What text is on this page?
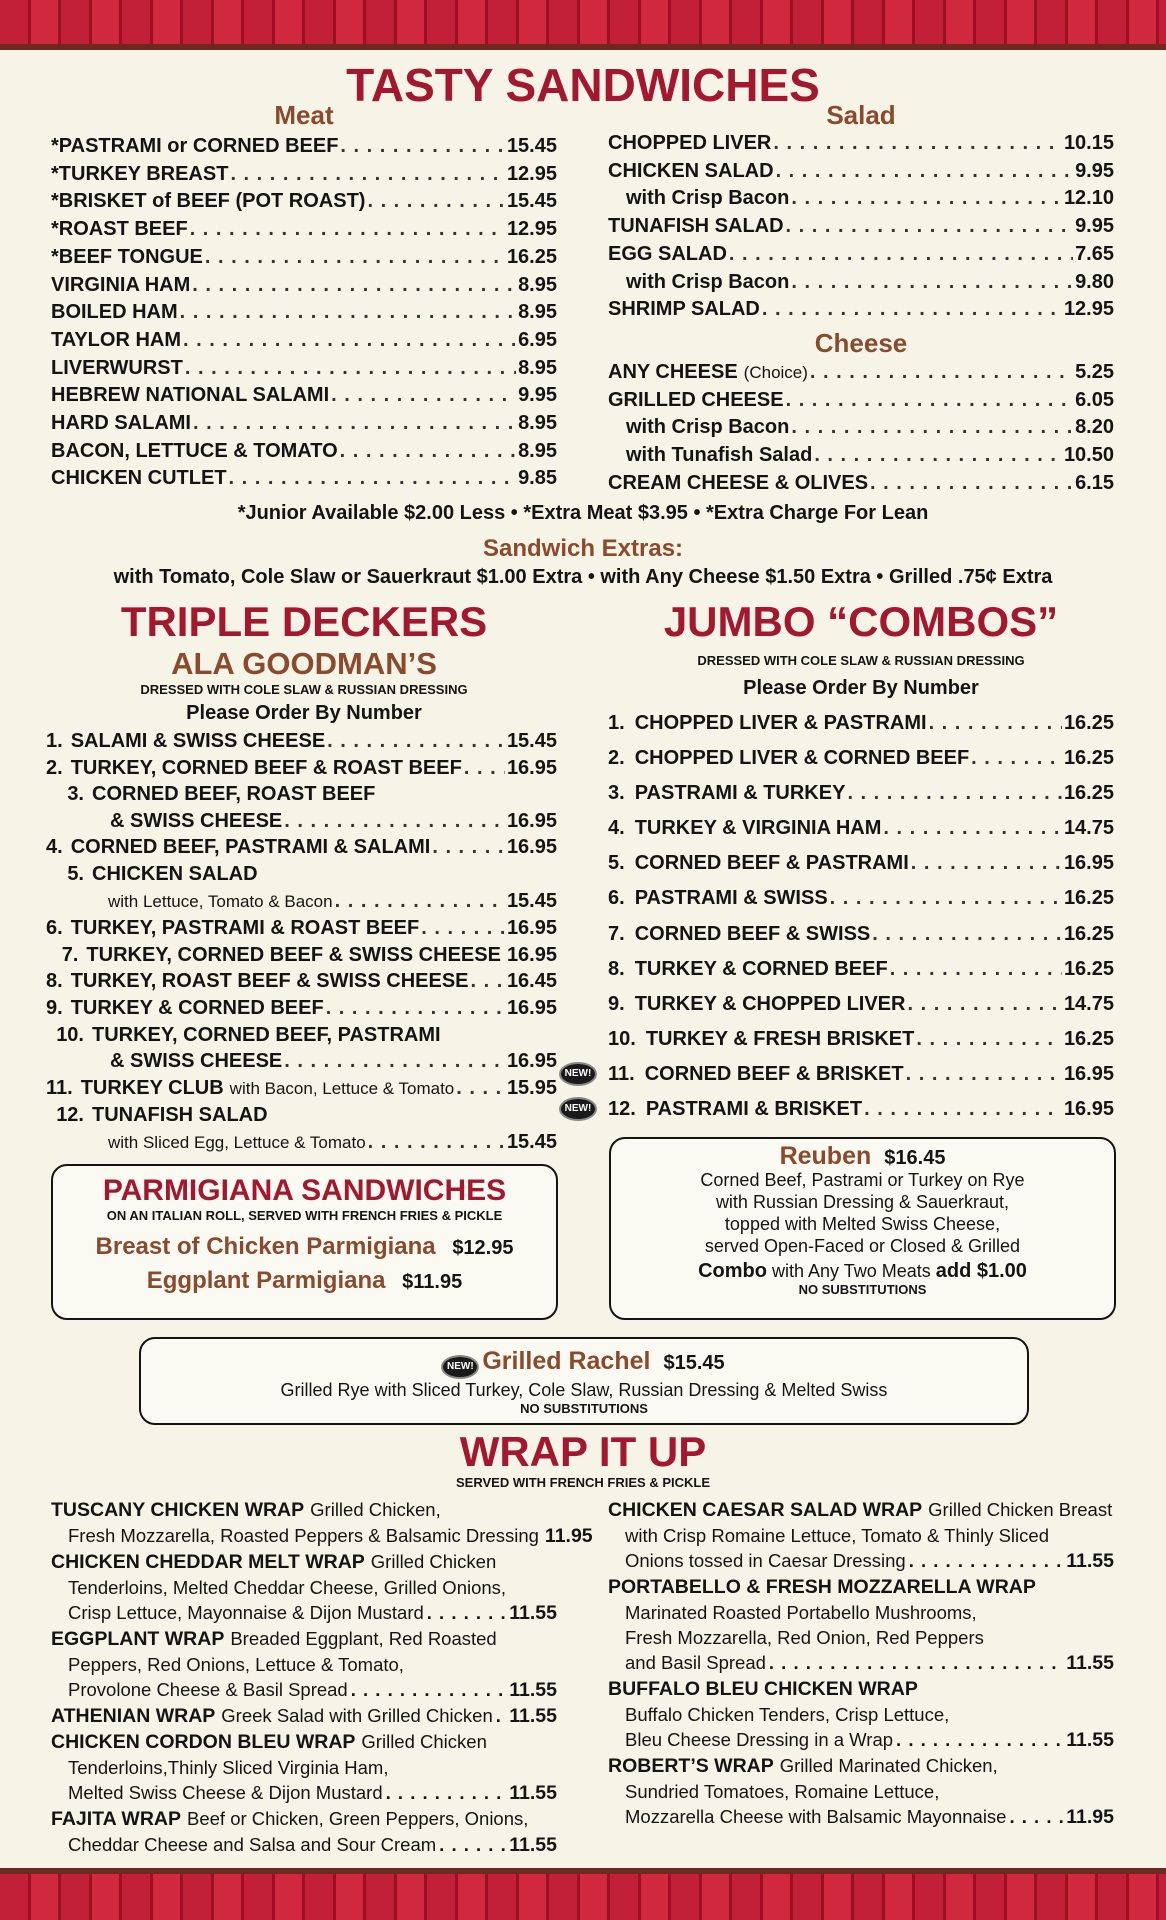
TASTY SANDWICHES
Meat	Salad
*PASTRAMI or CORNED BEEF . . .	15.45
*TURKEY BREAST . . .	12.95
*BRISKET of BEEF (POT ROAST) . . .	15.45
*ROAST BEEF . . .	12.95
*BEEF TONGUE . . .	16.25
VIRGINIA HAM . . .	8.95
BOILED HAM . . .	8.95
TAYLOR HAM . . .	6.95
LIVERWURST . . .	8.95
HEBREW NATIONAL SALAMI . . .	9.95
HARD SALAMI . . .	8.95
BACON, LETTUCE & TOMATO . . .	8.95
CHICKEN CUTLET . . .	9.85
CHOPPED LIVER . . .	10.15
CHICKEN SALAD . . .	9.95
with Crisp Bacon . . .	12.10
TUNAFISH SALAD . . .	9.95
EGG SALAD . . .	7.65
with Crisp Bacon . . .	9.80
SHRIMP SALAD . . .	12.95
Cheese
ANY CHEESE (Choice) . . .	5.25
GRILLED CHEESE . . .	6.05
with Crisp Bacon . . .	8.20
with Tunafish Salad . . .	10.50
CREAM CHEESE & OLIVES . . .	6.15
*Junior Available $2.00 Less • *Extra Meat $3.95 • *Extra Charge For Lean
Sandwich Extras:
with Tomato, Cole Slaw or Sauerkraut $1.00 Extra • with Any Cheese $1.50 Extra • Grilled .75¢ Extra
TRIPLE DECKERS
ALA GOODMAN’S
DRESSED WITH COLE SLAW & RUSSIAN DRESSING
Please Order By Number
1. SALAMI & SWISS CHEESE . . .	15.45
2. TURKEY, CORNED BEEF & ROAST BEEF . . . 16.95
3. CORNED BEEF, ROAST BEEF
& SWISS CHEESE . . .	16.95
4. CORNED BEEF, PASTRAMI & SALAMI . . .	16.95
5. CHICKEN SALAD
with Lettuce, Tomato & Bacon . . .	15.45
6. TURKEY, PASTRAMI & ROAST BEEF . . .	16.95
7. TURKEY, CORNED BEEF & SWISS CHEESE 16.95
8. TURKEY, ROAST BEEF & SWISS CHEESE . . . 16.45
9. TURKEY & CORNED BEEF . . .	16.95
10. TURKEY, CORNED BEEF, PASTRAMI
& SWISS CHEESE . . .	16.95
11. TURKEY CLUB with Bacon, Lettuce & Tomato . . .	15.95
12. TUNAFISH SALAD
with Sliced Egg, Lettuce & Tomato . . .	15.45
JUMBO “COMBOS”
DRESSED WITH COLE SLAW & RUSSIAN DRESSING
Please Order By Number
1. CHOPPED LIVER & PASTRAMI . . .	16.25
2. CHOPPED LIVER & CORNED BEEF . . .	16.25
3. PASTRAMI & TURKEY . . .	16.25
4. TURKEY & VIRGINIA HAM . . .	14.75
5. CORNED BEEF & PASTRAMI . . .	16.95
6. PASTRAMI & SWISS . . .	16.25
7. CORNED BEEF & SWISS . . .	16.25
8. TURKEY & CORNED BEEF . . .	16.25
9. TURKEY & CHOPPED LIVER . . .	14.75
10. TURKEY & FRESH BRISKET . . .	16.25
NEW! 11. CORNED BEEF & BRISKET . . .	16.95
NEW! 12. PASTRAMI & BRISKET . . .	16.95
PARMIGIANA SANDWICHES
ON AN ITALIAN ROLL, SERVED WITH FRENCH FRIES & PICKLE
Breast of Chicken Parmigiana $12.95
Eggplant Parmigiana $11.95
Reuben $16.45
Corned Beef, Pastrami or Turkey on Rye
with Russian Dressing & Sauerkraut,
topped with Melted Swiss Cheese,
served Open-Faced or Closed & Grilled
Combo with Any Two Meats add $1.00
NO SUBSTITUTIONS
NEW! Grilled Rachel $15.45
Grilled Rye with Sliced Turkey, Cole Slaw, Russian Dressing & Melted Swiss
NO SUBSTITUTIONS
WRAP IT UP
SERVED WITH FRENCH FRIES & PICKLE
TUSCANY CHICKEN WRAP Grilled Chicken,
Fresh Mozzarella, Roasted Peppers & Balsamic Dressing 11.95
CHICKEN CHEDDAR MELT WRAP Grilled Chicken
Tenderloins, Melted Cheddar Cheese, Grilled Onions,
Crisp Lettuce, Mayonnaise & Dijon Mustard . . .	11.55
EGGPLANT WRAP Breaded Eggplant, Red Roasted
Peppers, Red Onions, Lettuce & Tomato,
Provolone Cheese & Basil Spread . . .	11.55
ATHENIAN WRAP Greek Salad with Grilled Chicken . . . 11.55
CHICKEN CORDON BLEU WRAP Grilled Chicken
Tenderloins,Thinly Sliced Virginia Ham,
Melted Swiss Cheese & Dijon Mustard . . .	11.55
FAJITA WRAP Beef or Chicken, Green Peppers, Onions,
Cheddar Cheese and Salsa and Sour Cream . . .	11.55
CHICKEN CAESAR SALAD WRAP Grilled Chicken Breast
with Crisp Romaine Lettuce, Tomato & Thinly Sliced
Onions tossed in Caesar Dressing . . .	11.55
PORTABELLO & FRESH MOZZARELLA WRAP
Marinated Roasted Portabello Mushrooms,
Fresh Mozzarella, Red Onion, Red Peppers
and Basil Spread . . .	11.55
BUFFALO BLEU CHICKEN WRAP
Buffalo Chicken Tenders, Crisp Lettuce,
Bleu Cheese Dressing in a Wrap . . .	11.55
ROBERT’S WRAP Grilled Marinated Chicken,
Sundried Tomatoes, Romaine Lettuce,
Mozzarella Cheese with Balsamic Mayonnaise . . .	11.95
